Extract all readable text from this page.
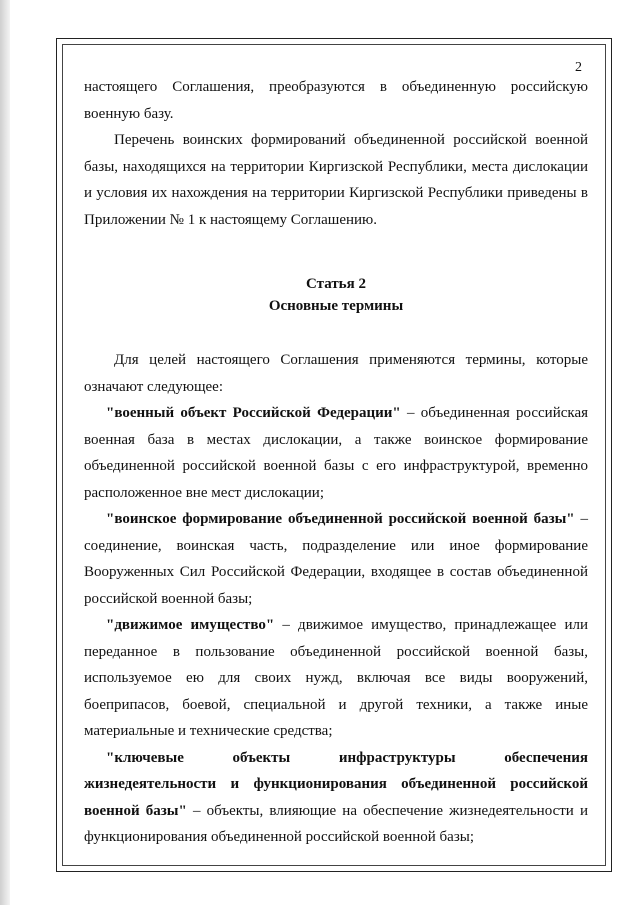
2

настоящего Соглашения, преобразуются в объединенную российскую военную базу.

Перечень воинских формирований объединенной российской военной базы, находящихся на территории Киргизской Республики, места дислокации и условия их нахождения на территории Киргизской Республики приведены в Приложении № 1 к настоящему Соглашению.

Статья 2
Основные термины

Для целей настоящего Соглашения применяются термины, которые означают следующее:

"военный объект Российской Федерации" – объединенная российская военная база в местах дислокации, а также воинское формирование объединенной российской военной базы с его инфраструктурой, временно расположенное вне мест дислокации;

"воинское формирование объединенной российской военной базы" –соединение, воинская часть, подразделение или иное формирование Вооруженных Сил Российской Федерации, входящее в состав объединенной российской военной базы;

"движимое имущество" – движимое имущество, принадлежащее или переданное в пользование объединенной российской военной базы, используемое ею для своих нужд, включая все виды вооружений, боеприпасов, боевой, специальной и другой техники, а также иные материальные и технические средства;

"ключевые объекты инфраструктуры обеспечения жизнедеятельности и функционирования объединенной российской военной базы" – объекты, влияющие на обеспечение жизнедеятельности и функционирования объединенной российской военной базы;
